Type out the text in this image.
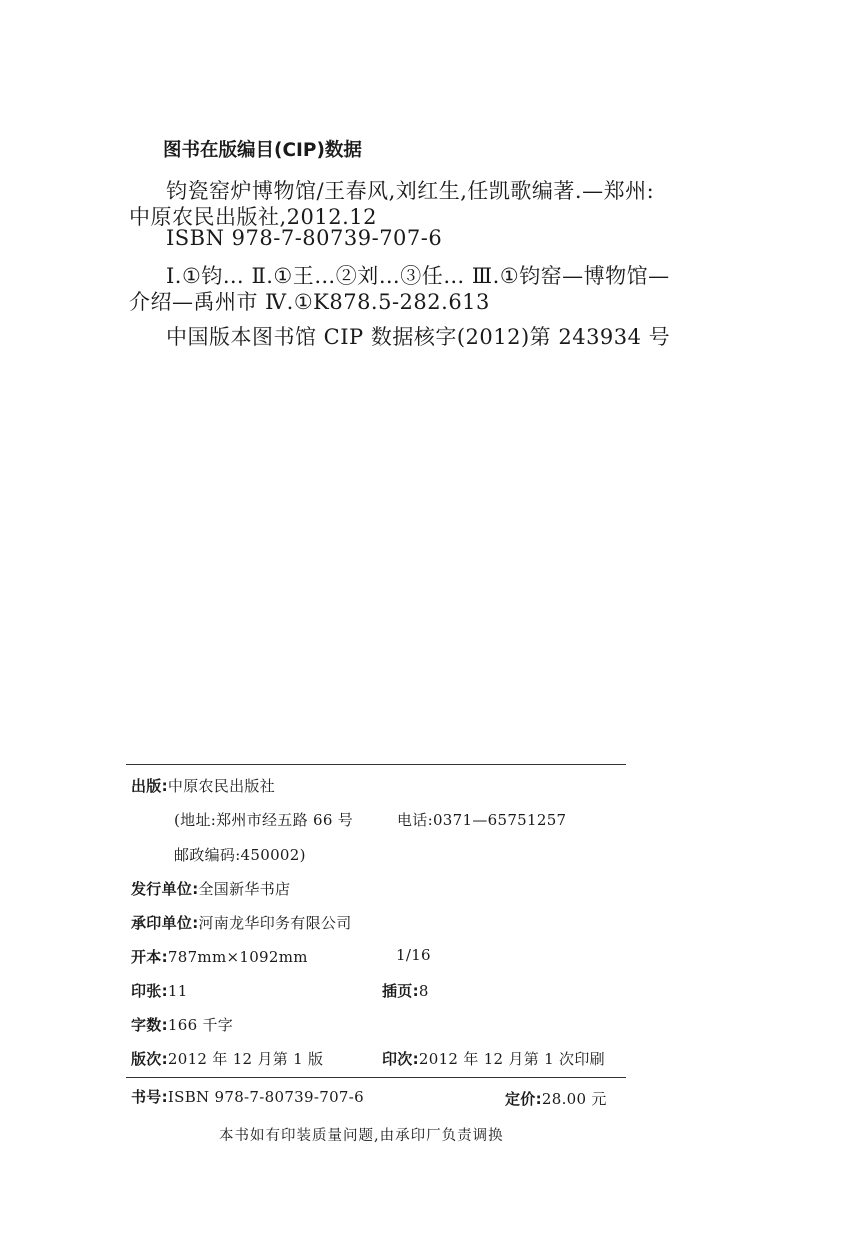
图书在版编目(CIP)数据
钧瓷窑炉博物馆/王春风,刘红生,任凯歌编著.—郑州:
中原农民出版社,2012.12
ISBN 978-7-80739-707-6
Ⅰ.①钧… Ⅱ.①王…②刘…③任… Ⅲ.①钧窑—博物馆—
介绍—禹州市 Ⅳ.①K878.5-282.613
中国版本图书馆 CIP 数据核字(2012)第 243934 号
出版:中原农民出版社
(地址:郑州市经五路 66 号	电话:0371—65751257
邮政编码:450002)
发行单位:全国新华书店
承印单位:河南龙华印务有限公司
开本:787mm×1092mm	1/16
印张:11	插页:8
字数:166 千字
版次:2012 年 12 月第 1 版	印次:2012 年 12 月第 1 次印刷
书号:ISBN 978-7-80739-707-6	定价:28.00 元
本书如有印装质量问题,由承印厂负责调换
